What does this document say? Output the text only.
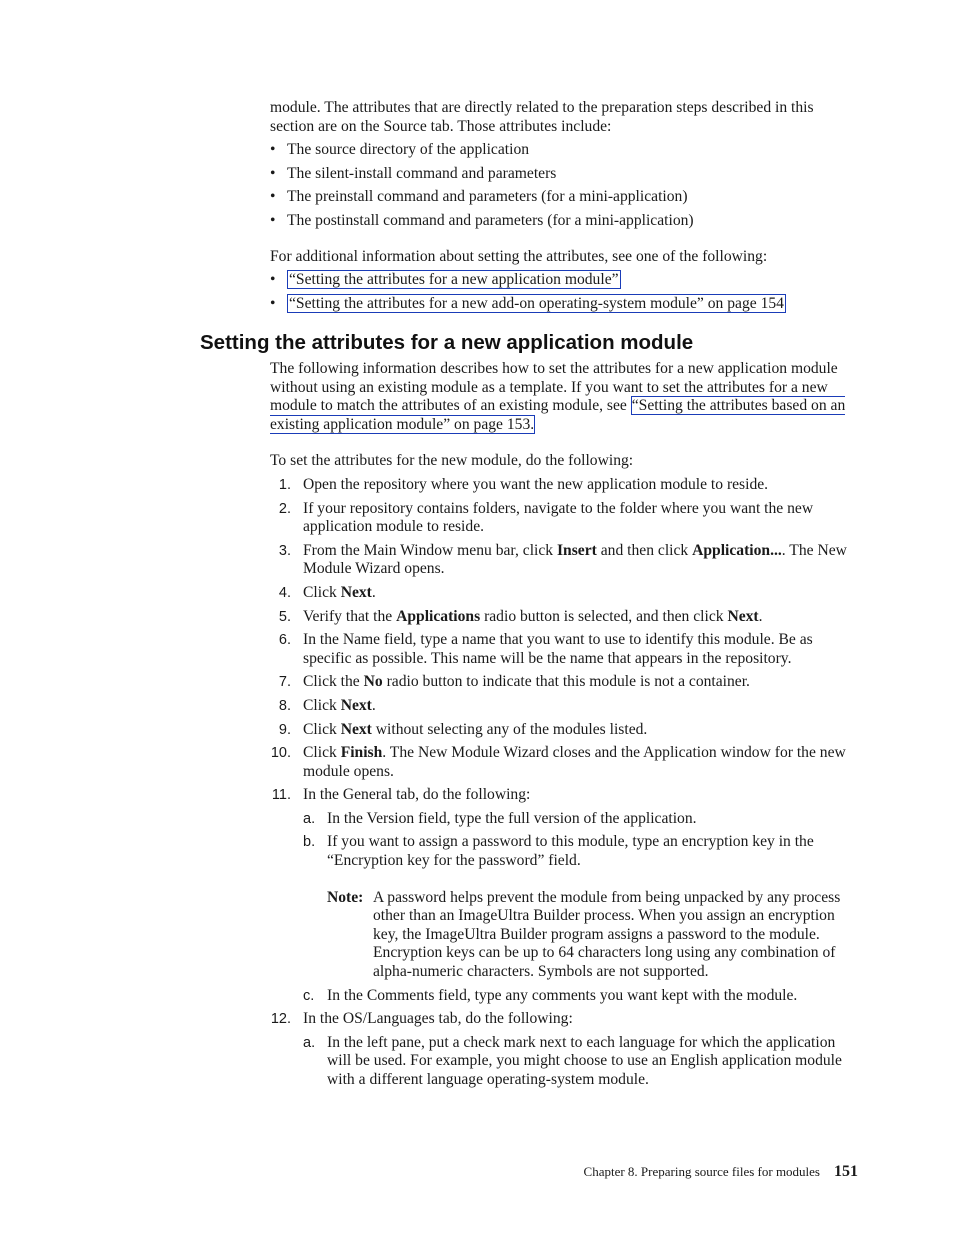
module. The attributes that are directly related to the preparation steps described in this section are on the Source tab. Those attributes include:

• The source directory of the application
• The silent-install command and parameters
• The preinstall command and parameters (for a mini-application)
• The postinstall command and parameters (for a mini-application)

For additional information about setting the attributes, see one of the following:

• “Setting the attributes for a new application module”
• “Setting the attributes for a new add-on operating-system module” on page 154
Setting the attributes for a new application module

The following information describes how to set the attributes for a new application module without using an existing module as a template. If you want to set the attributes for a new module to match the attributes of an existing module, see “Setting the attributes based on an existing application module” on page 153.

To set the attributes for the new module, do the following:

1. Open the repository where you want the new application module to reside.
2. If your repository contains folders, navigate to the folder where you want the new application module to reside.
3. From the Main Window menu bar, click Insert and then click Application.... The New Module Wizard opens.
4. Click Next.
5. Verify that the Applications radio button is selected, and then click Next.
6. In the Name field, type a name that you want to use to identify this module. Be as specific as possible. This name will be the name that appears in the repository.
7. Click the No radio button to indicate that this module is not a container.
8. Click Next.
9. Click Next without selecting any of the modules listed.
10. Click Finish. The New Module Wizard closes and the Application window for the new module opens.
11. In the General tab, do the following:
a. In the Version field, type the full version of the application.
b. If you want to assign a password to this module, type an encryption key in the “Encryption key for the password” field.
Note: A password helps prevent the module from being unpacked by any process other than an ImageUltra Builder process. When you assign an encryption key, the ImageUltra Builder program assigns a password to the module. Encryption keys can be up to 64 characters long using any combination of alpha-numeric characters. Symbols are not supported.
c. In the Comments field, type any comments you want kept with the module.
12. In the OS/Languages tab, do the following:
a. In the left pane, put a check mark next to each language for which the application will be used. For example, you might choose to use an English application module with a different language operating-system module.
Chapter 8. Preparing source files for modules 151
